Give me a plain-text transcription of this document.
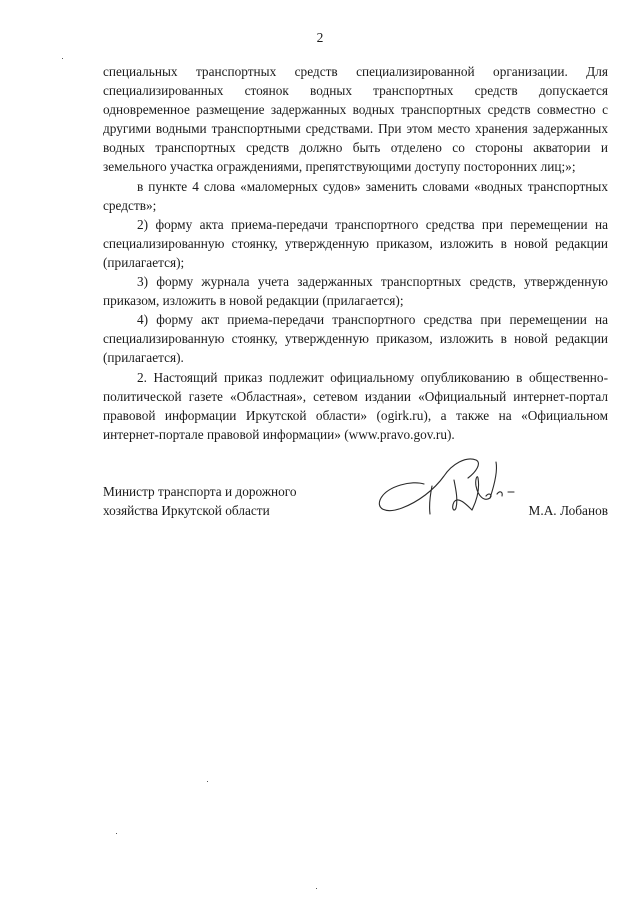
2

специальных транспортных средств специализированной организации. Для специализированных стоянок водных транспортных средств допускается одновременное размещение задержанных водных транспортных средств совместно с другими водными транспортными средствами. При этом место хранения задержанных водных транспортных средств должно быть отделено со стороны акватории и земельного участка ограждениями, препятствующими доступу посторонних лиц;»;

в пункте 4 слова «маломерных судов» заменить словами «водных транспортных средств»;

2) форму акта приема-передачи транспортного средства при перемещении на специализированную стоянку, утвержденную приказом, изложить в новой редакции (прилагается);

3) форму журнала учета задержанных транспортных средств, утвержденную приказом, изложить в новой редакции (прилагается);

4) форму акт приема-передачи транспортного средства при перемещении на специализированную стоянку, утвержденную приказом, изложить в новой редакции (прилагается).

2. Настоящий приказ подлежит официальному опубликованию в общественно-политической газете «Областная», сетевом издании «Официальный интернет-портал правовой информации Иркутской области» (ogirk.ru), а также на «Официальном интернет-портале правовой информации» (www.pravo.gov.ru).

Министр транспорта и дорожного
хозяйства Иркутской области	М.А. Лобанов
